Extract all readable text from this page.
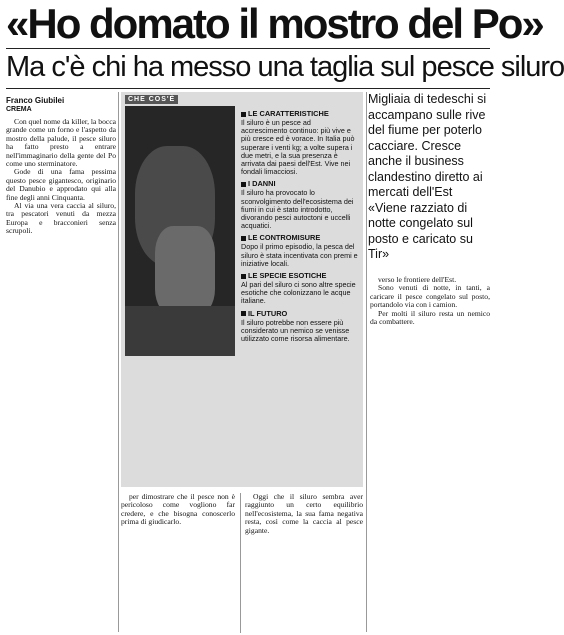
«Ho domato il mostro del Po»
Ma c'è chi ha messo una taglia sul pesce siluro
Franco Giubilei
CREMA

Con quel nome da killer, la bocca grande come un forno e l'aspetto da mostro della palude, il pesce siluro ha fatto presto a entrare nell'immaginario della gente del Po come uno sterminatore.

Gode di una fama pessima questo pesce gigantesco, originario del Danubio e approdato qui alla fine degli anni Cinquanta.

Al via una vera caccia al siluro, tra pescatori venuti da mezza Europa e bracconieri senza scrupoli.

CHE COS'È
LE CARATTERISTICHE

Il siluro è un pesce ad accrescimento continuo: più vive e più cresce ed è vorace. In Italia può superare i venti kg; a volte supera i due metri, e la sua presenza è arrivata dai paesi dell'Est. Vive nei fondali limacciosi.

I DANNI

Il siluro ha provocato lo sconvolgimento dell'ecosistema dei fiumi in cui è stato introdotto, divorando pesci autoctoni e uccelli acquatici.

LE CONTROMISURE

Dopo il primo episodio, la pesca del siluro è stata incentivata con premi e iniziative locali.

LE SPECIE ESOTICHE

Al pari del siluro ci sono altre specie esotiche che colonizzano le acque italiane.

IL FUTURO

Il siluro potrebbe non essere più considerato un nemico se venisse utilizzato come risorsa alimentare.

Migliaia di tedeschi si accampano sulle rive del fiume per poterlo cacciare. Cresce anche il business clandestino diretto ai mercati dell'Est «Viene razziato di notte congelato sul posto e caricato su Tir»

per dimostrare che il pesce non è pericoloso come vogliono far credere, e che bisogna conoscerlo prima di giudicarlo.

Oggi che il siluro sembra aver raggiunto un certo equilibrio nell'ecosistema, la sua fama negativa resta, così come la caccia al pesce gigante.

verso le frontiere dell'Est.

Sono venuti di notte, in tanti, a caricare il pesce congelato sul posto, portandolo via con i camion.

Per molti il siluro resta un nemico da combattere.
